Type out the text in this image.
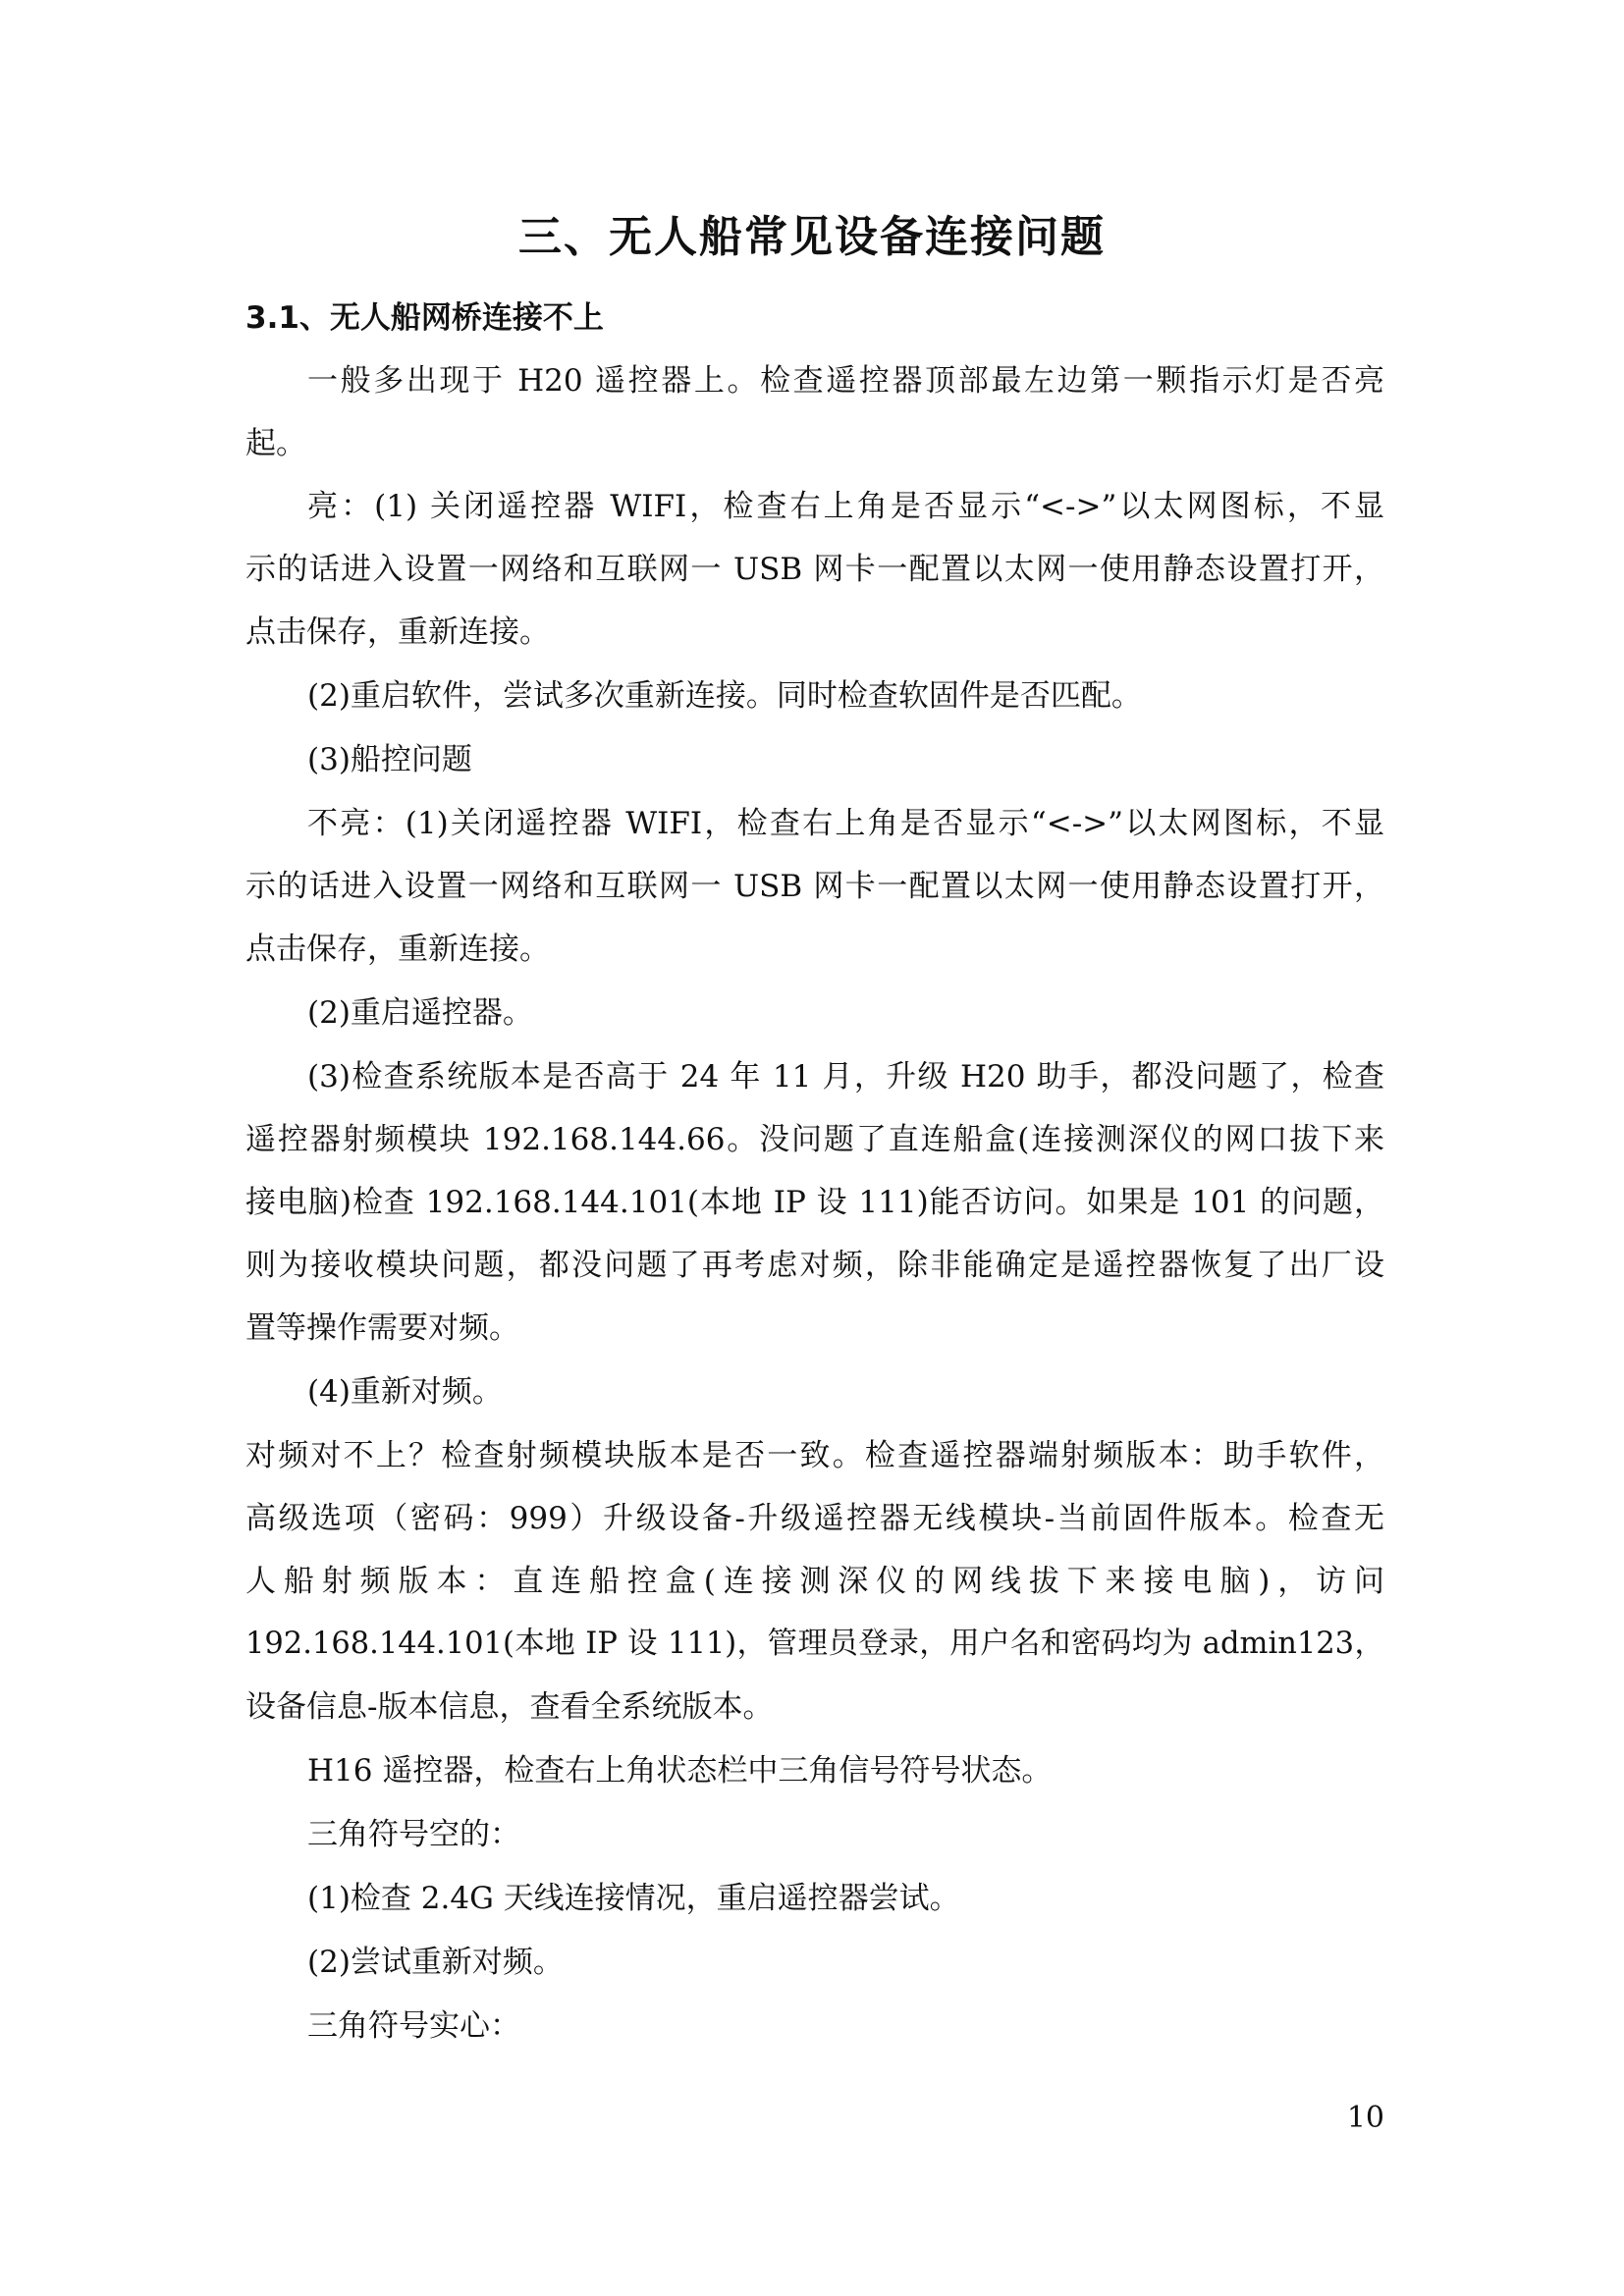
三、无人船常见设备连接问题
3.1、无人船网桥连接不上
一般多出现于 H20 遥控器上。检查遥控器顶部最左边第一颗指示灯是否亮
起。
亮：(1) 关闭遥控器 WIFI，检查右上角是否显示“<->”以太网图标，不显
示的话进入设置一网络和互联网一 USB 网卡一配置以太网一使用静态设置打开，
点击保存，重新连接。
(2)重启软件，尝试多次重新连接。同时检查软固件是否匹配。
(3)船控问题
不亮：(1)关闭遥控器 WIFI，检查右上角是否显示“<->”以太网图标，不显
示的话进入设置一网络和互联网一 USB 网卡一配置以太网一使用静态设置打开，
点击保存，重新连接。
(2)重启遥控器。
(3)检查系统版本是否高于 24 年 11 月，升级 H20 助手，都没问题了，检查
遥控器射频模块 192.168.144.66。没问题了直连船盒(连接测深仪的网口拔下来
接电脑)检查 192.168.144.101(本地 IP 设 111)能否访问。如果是 101 的问题，
则为接收模块问题，都没问题了再考虑对频，除非能确定是遥控器恢复了出厂设
置等操作需要对频。
(4)重新对频。
对频对不上？检查射频模块版本是否一致。检查遥控器端射频版本：助手软件，
高级选项（密码：999）升级设备-升级遥控器无线模块-当前固件版本。检查无
人船射频版本：直连船控盒(连接测深仪的网线拔下来接电脑)，访问
192.168.144.101(本地 IP 设 111)，管理员登录，用户名和密码均为 admin123，
设备信息-版本信息，查看全系统版本。
H16 遥控器，检查右上角状态栏中三角信号符号状态。
三角符号空的：
(1)检查 2.4G 天线连接情况，重启遥控器尝试。
(2)尝试重新对频。
三角符号实心：
10
